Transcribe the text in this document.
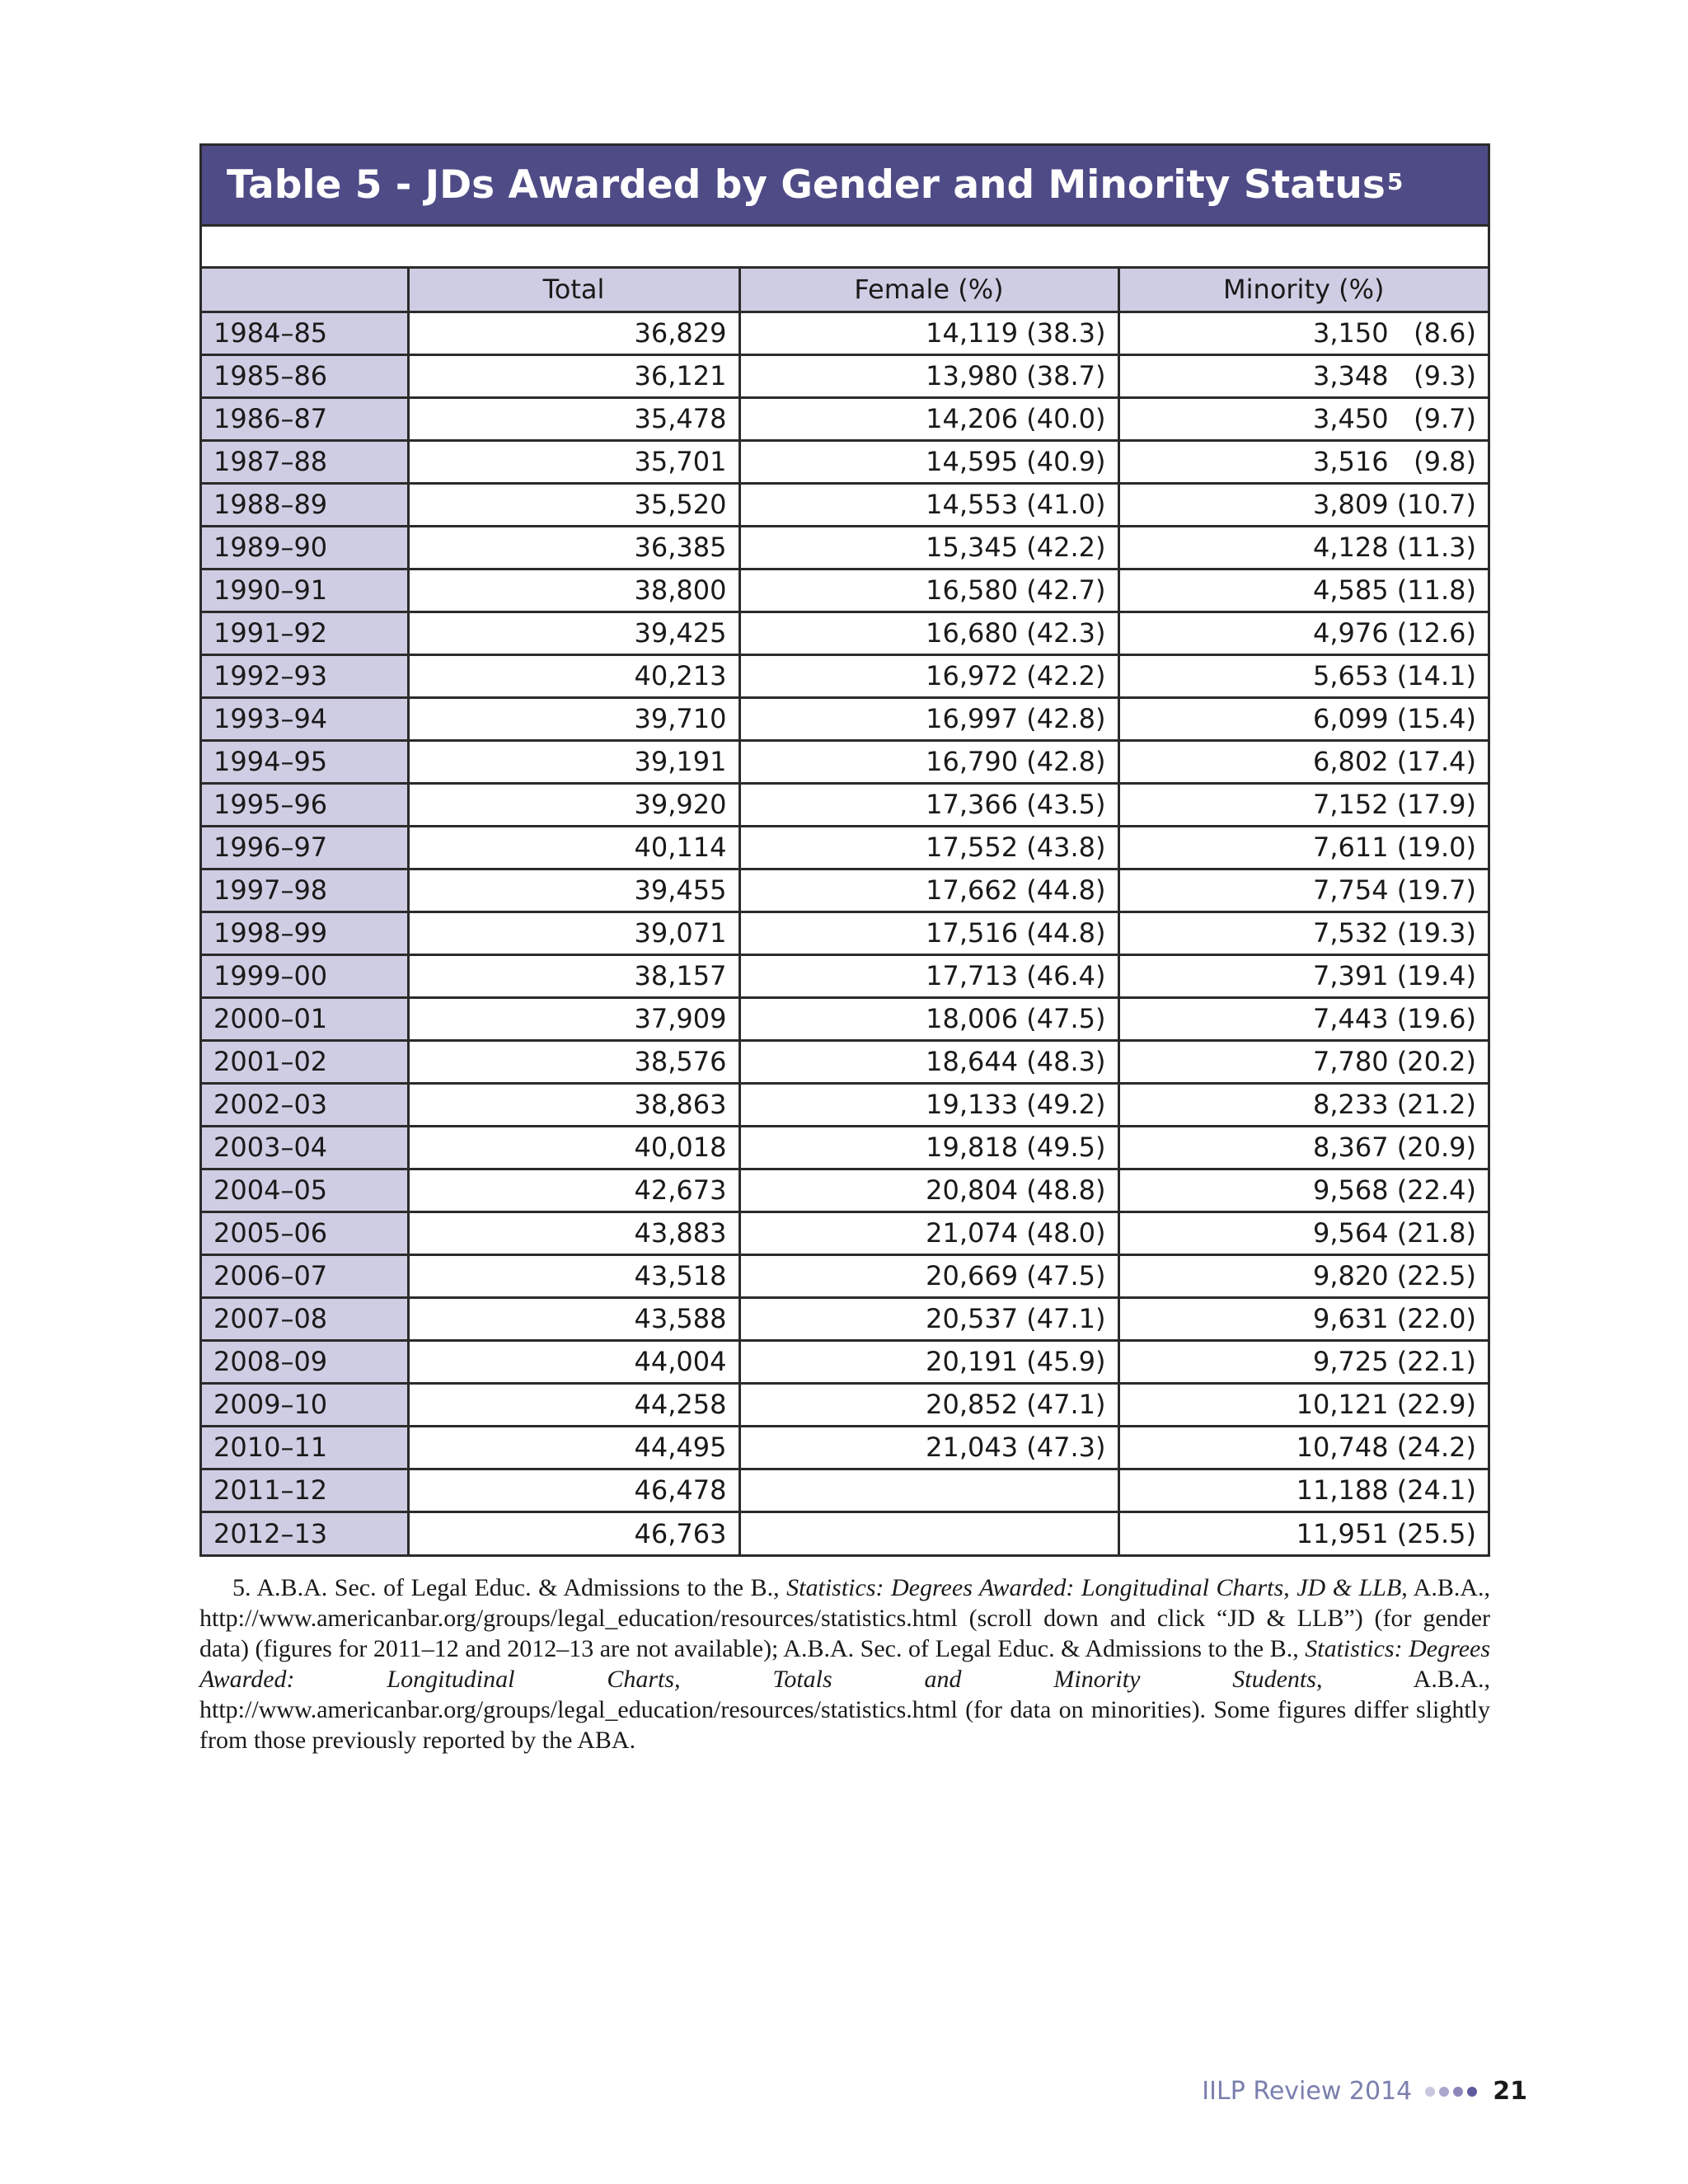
Table 5 - JDs Awarded by Gender and Minority Status$^5$
	Total	Female (%)	Minority (%)
1984–85	36,829	14,119 (38.3)	3,150   (8.6)
1985–86	36,121	13,980 (38.7)	3,348   (9.3)
1986–87	35,478	14,206 (40.0)	3,450   (9.7)
1987–88	35,701	14,595 (40.9)	3,516   (9.8)
1988–89	35,520	14,553 (41.0)	3,809 (10.7)
1989–90	36,385	15,345 (42.2)	4,128 (11.3)
1990–91	38,800	16,580 (42.7)	4,585 (11.8)
1991–92	39,425	16,680 (42.3)	4,976 (12.6)
1992–93	40,213	16,972 (42.2)	5,653 (14.1)
1993–94	39,710	16,997 (42.8)	6,099 (15.4)
1994–95	39,191	16,790 (42.8)	6,802 (17.4)
1995–96	39,920	17,366 (43.5)	7,152 (17.9)
1996–97	40,114	17,552 (43.8)	7,611 (19.0)
1997–98	39,455	17,662 (44.8)	7,754 (19.7)
1998–99	39,071	17,516 (44.8)	7,532 (19.3)
1999–00	38,157	17,713 (46.4)	7,391 (19.4)
2000–01	37,909	18,006 (47.5)	7,443 (19.6)
2001–02	38,576	18,644 (48.3)	7,780 (20.2)
2002–03	38,863	19,133 (49.2)	8,233 (21.2)
2003–04	40,018	19,818 (49.5)	8,367 (20.9)
2004–05	42,673	20,804 (48.8)	9,568 (22.4)
2005–06	43,883	21,074 (48.0)	9,564 (21.8)
2006–07	43,518	20,669 (47.5)	9,820 (22.5)
2007–08	43,588	20,537 (47.1)	9,631 (22.0)
2008–09	44,004	20,191 (45.9)	9,725 (22.1)
2009–10	44,258	20,852 (47.1)	10,121 (22.9)
2010–11	44,495	21,043 (47.3)	10,748 (24.2)
2011–12	46,478		11,188 (24.1)
2012–13	46,763		11,951 (25.5)
5. A.B.A. Sec. of Legal Educ. & Admissions to the B., Statistics: Degrees Awarded: Longitudinal Charts, JD & LLB, A.B.A., http://www.americanbar.org/groups/legal_education/resources/statistics.html (scroll down and click “JD & LLB”) (for gender data) (figures for 2011–12 and 2012–13 are not available); A.B.A. Sec. of Legal Educ. & Admissions to the B., Statistics: Degrees Awarded: Longitudinal Charts, Totals and Minority Students, A.B.A., http://www.americanbar.org/groups/legal_education/resources/statistics.html (for data on minorities). Some figures differ slightly from those previously reported by the ABA.
IILP Review 2014	21
